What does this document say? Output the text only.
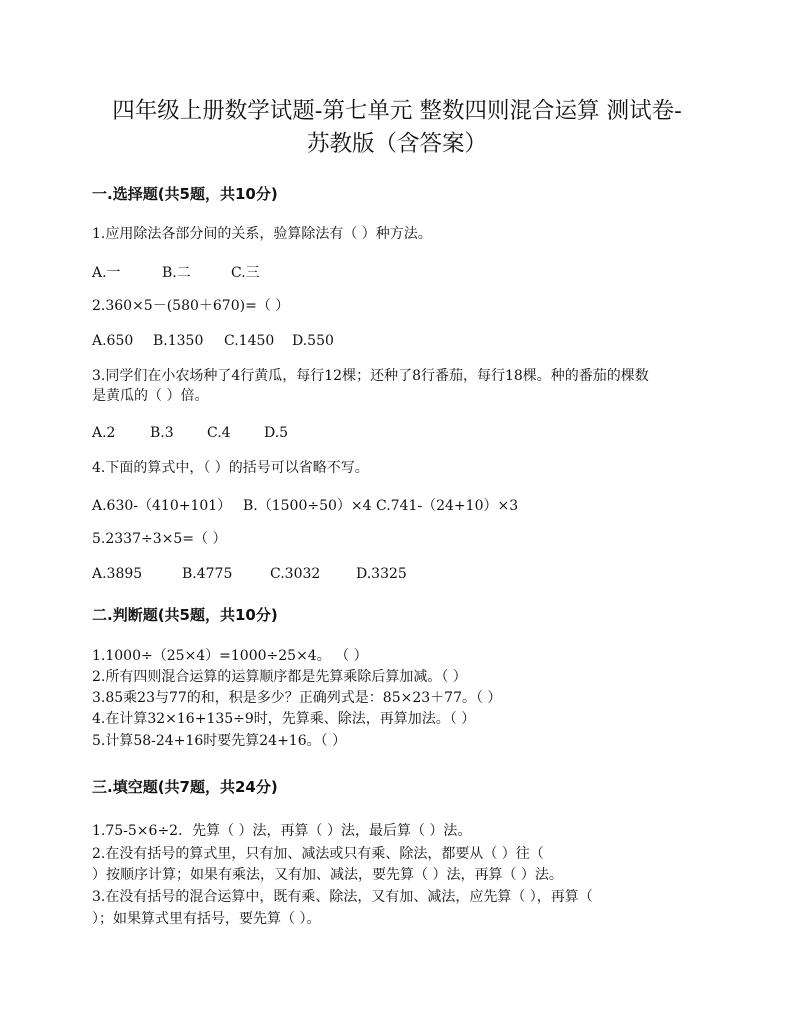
四年级上册数学试题-第七单元 整数四则混合运算 测试卷-
苏教版（含答案）
一.选择题(共5题，共10分)
1.应用除法各部分间的关系，验算除法有（ ）种方法。
A.一	B.二	C.三
2.360×5－(580＋670)=（ ）
A.650 B.1350 C.1450 D.550
3.同学们在小农场种了4行黄瓜，每行12棵；还种了8行番茄，每行18棵。种的番茄的棵数
是黄瓜的（ ）倍。
A.2 B.3 C.4 D.5
4.下面的算式中，（ ）的括号可以省略不写。
A.630-（410+101） B.（1500÷50）×4 C.741-（24+10）×3
5.2337÷3×5=（ ）
A.3895	B.4775	C.3032	D.3325
二.判断题(共5题，共10分)
1.1000÷（25×4）=1000÷25×4。 （ ）
2.所有四则混合运算的运算顺序都是先算乘除后算加减。（ ）
3.85乘23与77的和，积是多少？正确列式是：85×23＋77。（ ）
4.在计算32×16+135÷9时，先算乘、除法，再算加法。（ ）
5.计算58-24+16时要先算24+16。（ ）
三.填空题(共7题，共24分)
1.75-5×6÷2．先算（ ）法，再算（ ）法，最后算（ ）法。
2.在没有括号的算式里，只有加、减法或只有乘、除法，都要从（ ）往（
）按顺序计算；如果有乘法，又有加、减法，要先算（ ）法，再算（ ）法。
3.在没有括号的混合运算中，既有乘、除法，又有加、减法，应先算（ ），再算（
）；如果算式里有括号，要先算（ ）。
